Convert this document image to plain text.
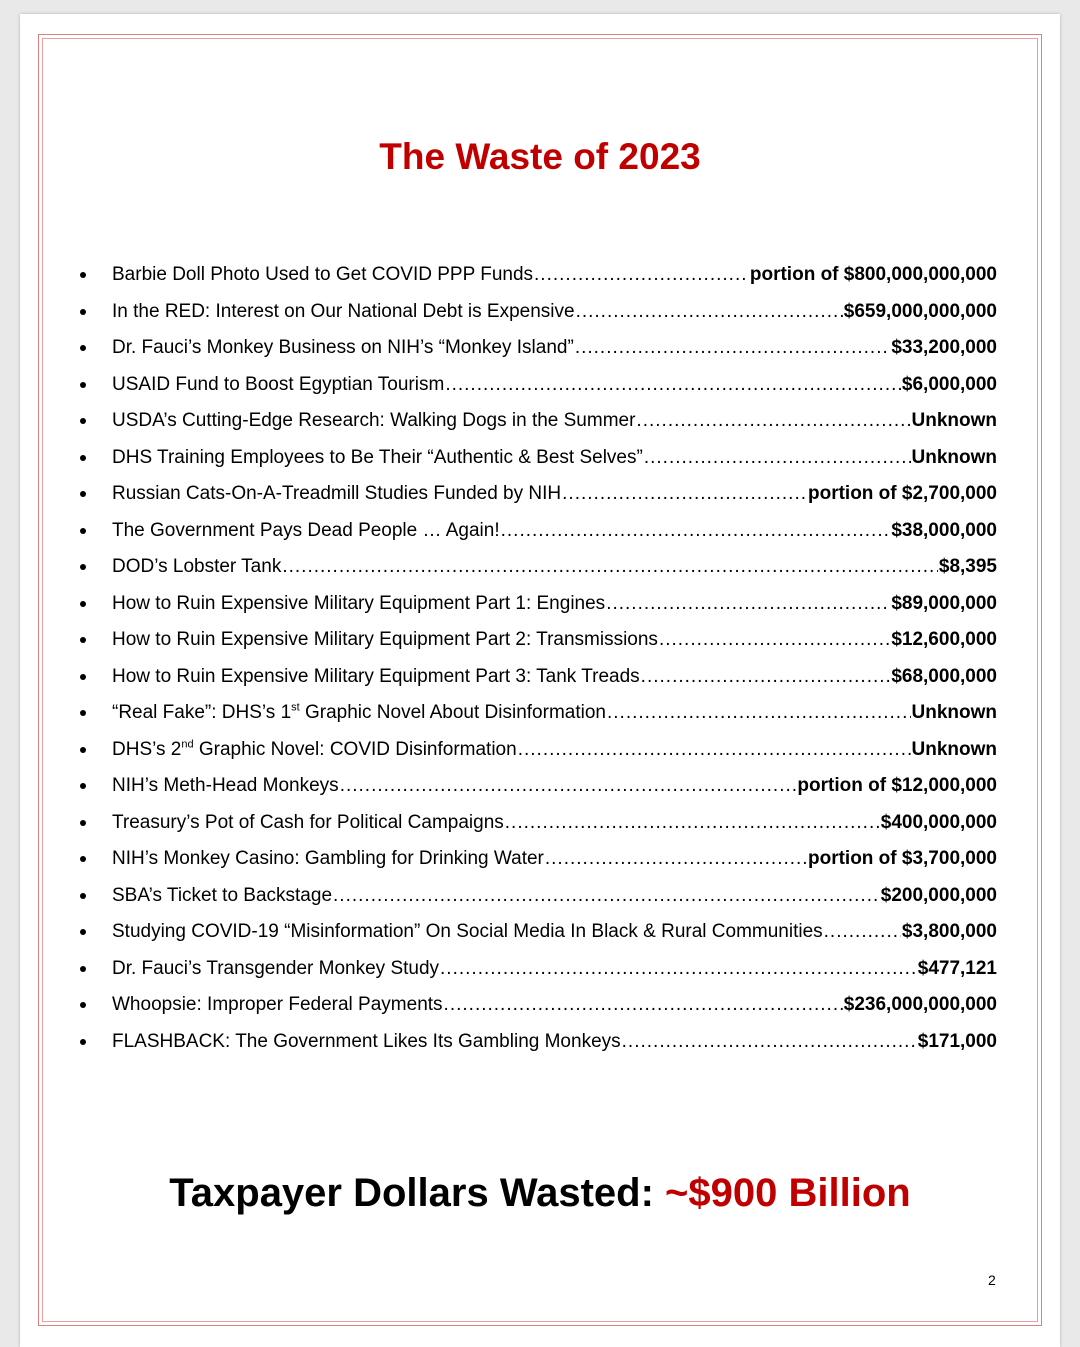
The Waste of 2023
Barbie Doll Photo Used to Get COVID PPP Funds .....	portion of $800,000,000,000
In the RED: Interest on Our National Debt is Expensive .....	$659,000,000,000
Dr. Fauci’s Monkey Business on NIH’s “Monkey Island” .....	$33,200,000
USAID Fund to Boost Egyptian Tourism .....	$6,000,000
USDA’s Cutting-Edge Research: Walking Dogs in the Summer .....	Unknown
DHS Training Employees to Be Their “Authentic & Best Selves” .....	Unknown
Russian Cats-On-A-Treadmill Studies Funded by NIH .....	portion of $2,700,000
The Government Pays Dead People … Again! .....	$38,000,000
DOD’s Lobster Tank .....	$8,395
How to Ruin Expensive Military Equipment Part 1: Engines .....	$89,000,000
How to Ruin Expensive Military Equipment Part 2: Transmissions .....	$12,600,000
How to Ruin Expensive Military Equipment Part 3: Tank Treads .....	$68,000,000
“Real Fake”: DHS’s 1st Graphic Novel About Disinformation .....	Unknown
DHS’s 2nd Graphic Novel: COVID Disinformation .....	Unknown
NIH’s Meth-Head Monkeys .....	portion of $12,000,000
Treasury’s Pot of Cash for Political Campaigns .....	$400,000,000
NIH’s Monkey Casino: Gambling for Drinking Water .....	portion of $3,700,000
SBA’s Ticket to Backstage .....	$200,000,000
Studying COVID-19 “Misinformation” On Social Media In Black & Rural Communities .....	$3,800,000
Dr. Fauci’s Transgender Monkey Study .....	$477,121
Whoopsie: Improper Federal Payments .....	$236,000,000,000
FLASHBACK: The Government Likes Its Gambling Monkeys .....	$171,000
Taxpayer Dollars Wasted: ~$900 Billion
2
